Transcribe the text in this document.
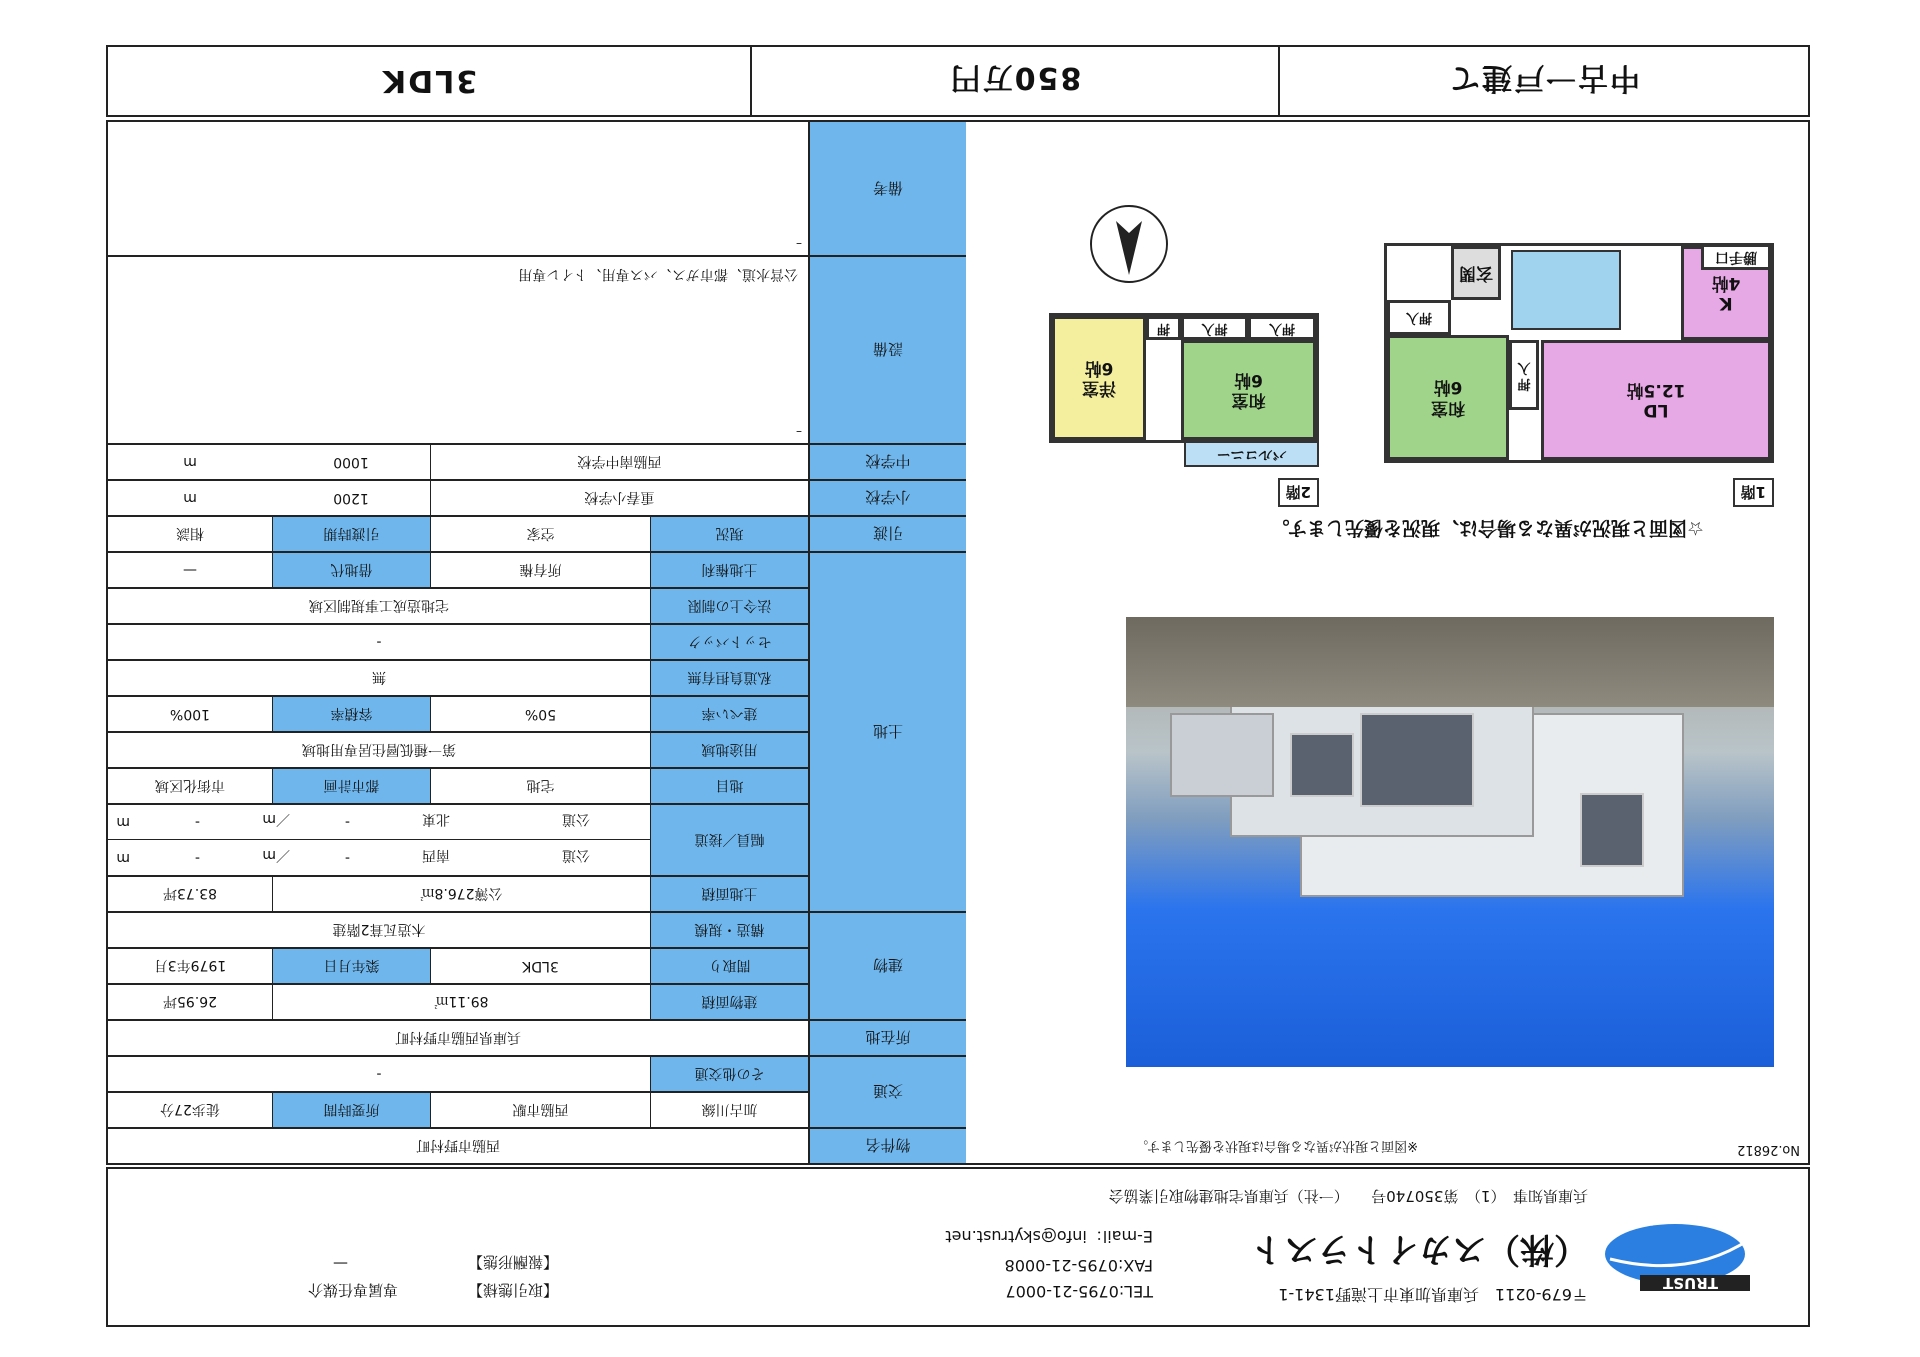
TRUST
〒679-0211　兵庫県加東市上滝野1341-1
（株）スカイトラスト
兵庫県知事　（1）　第350740号　　（一社）兵庫県宅地建物取引業協会
TEL:0795-21-0007
FAX:0795-21-0008
E-mail：info@skytrust.net
【取引態様】
専属専任媒介
【報酬形態】
—
No.26812
※図面と現状が異なる場合は現状を優先します。
☆図面と現況が異なる場合は、現況を優先します。
1階
2階
LD
12.5帖
和室
6帖
K
4帖
玄関
勝手口
押入
押入
和室
6帖
洋室
6帖
押入
押入
押
バルコニー
物件名
西脇市野村町
交通
加古川線
西脇市駅
所要時間
徒歩27分
その他交通
-
所在地
兵庫県西脇市野村町
建物
建物面積
89.11㎡
26.95坪
間取り
3LDK
築年月日
1979年3月
構造・規模
木造瓦葺2階建
土地
土地面積
公簿276.8㎡
83.73坪
幅員／接道
公道
南西
-
／m
-
m
公道
北東
-
／m
-
m
地目
宅地
都市計画
市街化区域
用途地域
第一種低層住居専用地域
建ぺい率
50%
容積率
100%
私道負担有無
無
セットバック
-
法令上の制限
宅地造成工事規制区域
土地権利
所有権
借地代
—
引渡
現況
空家
引渡時期
相談
小学校
重春小学校
1200
m
中学校
西脇南中学校
1000
m
設備
–
公営水道、都市ガス、バス専用、トイレ専用
備考
–
中古一戸建て
850万円
3LDK
